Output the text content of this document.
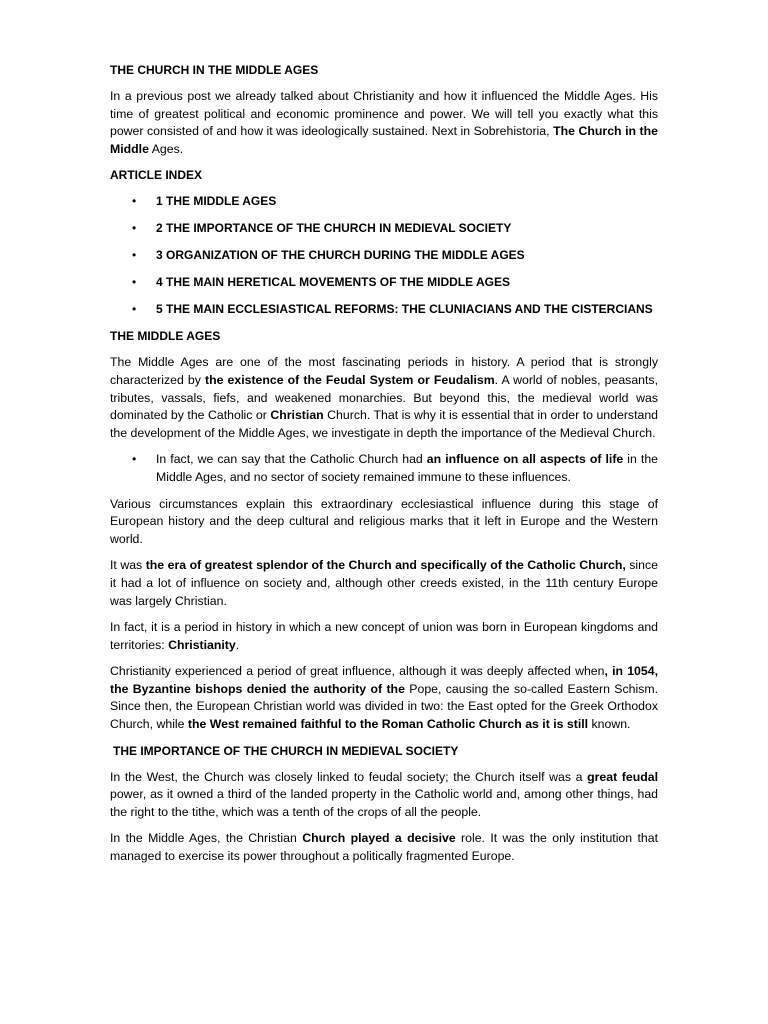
THE CHURCH IN THE MIDDLE AGES

In a previous post we already talked about Christianity and how it influenced the Middle Ages. His time of greatest political and economic prominence and power. We will tell you exactly what this power consisted of and how it was ideologically sustained. Next in Sobrehistoria, The Church in the Middle Ages.

ARTICLE INDEX
• 1 THE MIDDLE AGES
• 2 THE IMPORTANCE OF THE CHURCH IN MEDIEVAL SOCIETY
• 3 ORGANIZATION OF THE CHURCH DURING THE MIDDLE AGES
• 4 THE MAIN HERETICAL MOVEMENTS OF THE MIDDLE AGES
• 5 THE MAIN ECCLESIASTICAL REFORMS: THE CLUNIACIANS AND THE CISTERCIANS
THE MIDDLE AGES

The Middle Ages are one of the most fascinating periods in history. A period that is strongly characterized by the existence of the Feudal System or Feudalism. A world of nobles, peasants, tributes, vassals, fiefs, and weakened monarchies. But beyond this, the medieval world was dominated by the Catholic or Christian Church. That is why it is essential that in order to understand the development of the Middle Ages, we investigate in depth the importance of the Medieval Church.

• In fact, we can say that the Catholic Church had an influence on all aspects of life in the Middle Ages, and no sector of society remained immune to these influences.

Various circumstances explain this extraordinary ecclesiastical influence during this stage of European history and the deep cultural and religious marks that it left in Europe and the Western world.

It was the era of greatest splendor of the Church and specifically of the Catholic Church, since it had a lot of influence on society and, although other creeds existed, in the 11th century Europe was largely Christian.

In fact, it is a period in history in which a new concept of union was born in European kingdoms and territories: Christianity.

Christianity experienced a period of great influence, although it was deeply affected when, in 1054, the Byzantine bishops denied the authority of the Pope, causing the so-called Eastern Schism. Since then, the European Christian world was divided in two: the East opted for the Greek Orthodox Church, while the West remained faithful to the Roman Catholic Church as it is still known.

THE IMPORTANCE OF THE CHURCH IN MEDIEVAL SOCIETY

In the West, the Church was closely linked to feudal society; the Church itself was a great feudal power, as it owned a third of the landed property in the Catholic world and, among other things, had the right to the tithe, which was a tenth of the crops of all the people.

In the Middle Ages, the Christian Church played a decisive role. It was the only institution that managed to exercise its power throughout a politically fragmented Europe.
